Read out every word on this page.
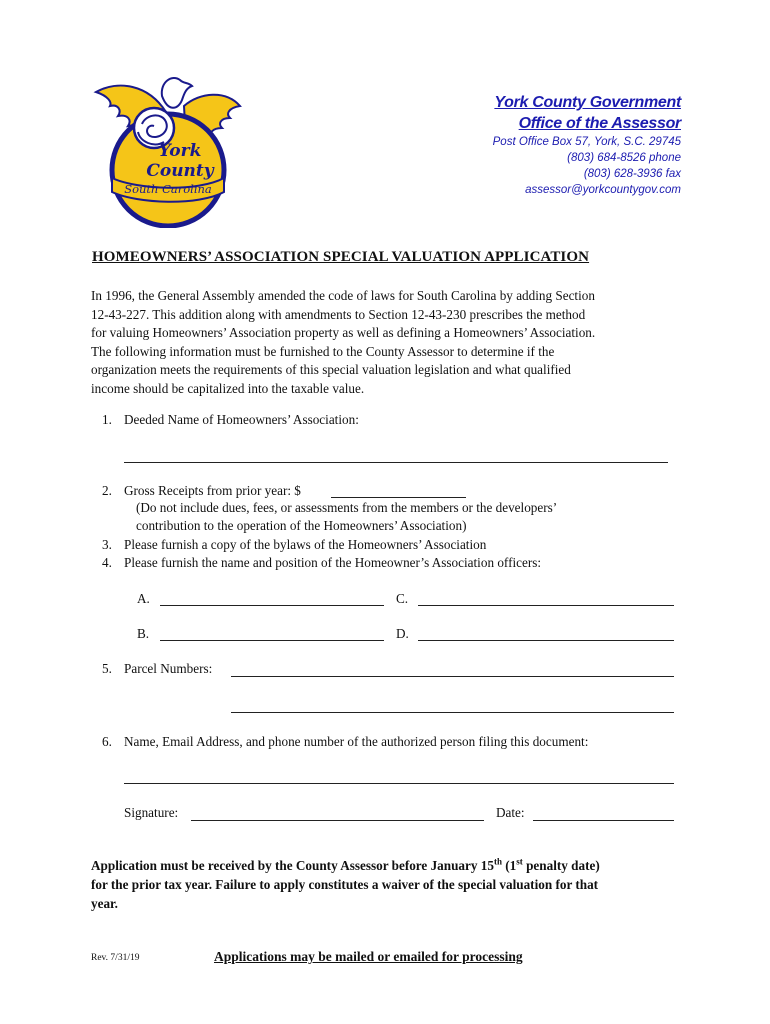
York
County
South Carolina
York County Government
Office of the Assessor
Post Office Box 57, York, S.C. 29745
(803) 684-8526 phone
(803) 628-3936 fax
assessor@yorkcountygov.com
HOMEOWNERS’ ASSOCIATION SPECIAL VALUATION APPLICATION
In 1996, the General Assembly amended the code of laws for South Carolina by adding Section
12-43-227. This addition along with amendments to Section 12-43-230 prescribes the method
for valuing Homeowners’ Association property as well as defining a Homeowners’ Association.
The following information must be furnished to the County Assessor to determine if the
organization meets the requirements of this special valuation legislation and what qualified
income should be capitalized into the taxable value.
1. Deeded Name of Homeowners’ Association:
2. Gross Receipts from prior year: $
(Do not include dues, fees, or assessments from the members or the developers’
contribution to the operation of the Homeowners’ Association)
3. Please furnish a copy of the bylaws of the Homeowners’ Association
4. Please furnish the name and position of the Homeowner’s Association officers:
A.	C.
B.	D.
5. Parcel Numbers:
6. Name, Email Address, and phone number of the authorized person filing this document:
Signature:	Date:
Application must be received by the County Assessor before January 15th (1st penalty date)
for the prior tax year. Failure to apply constitutes a waiver of the special valuation for that
year.
Rev. 7/31/19	Applications may be mailed or emailed for processing
